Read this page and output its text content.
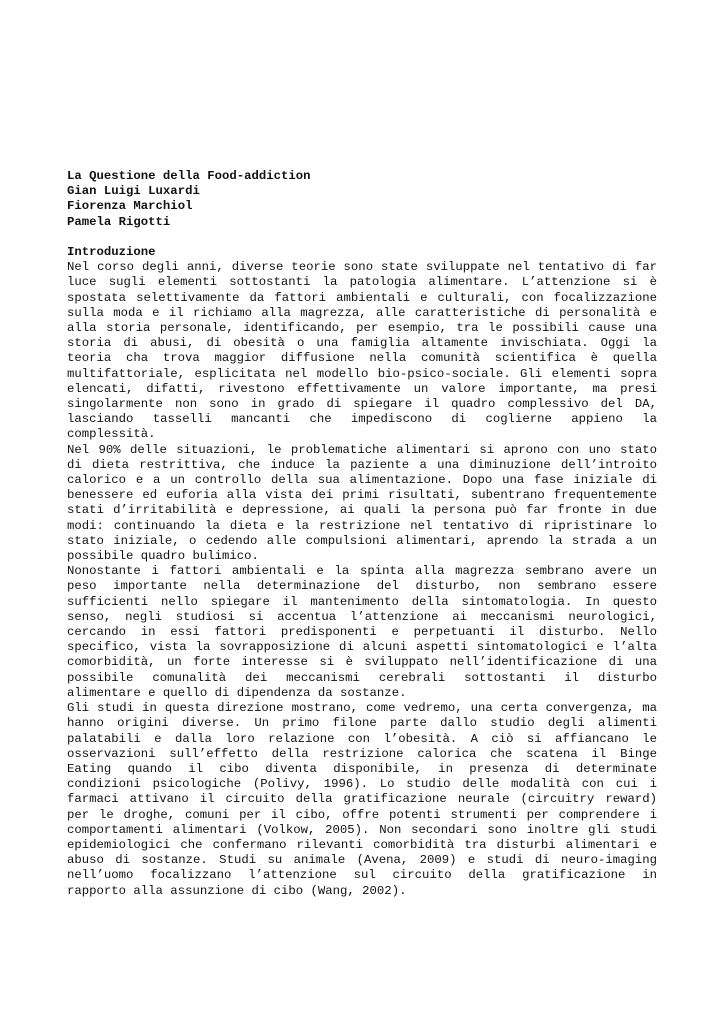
La Questione della Food-addiction

Gian Luigi Luxardi

Fiorenza Marchiol

Pamela Rigotti

Introduzione

Nel corso degli anni, diverse teorie sono state sviluppate nel tentativo di far luce sugli elementi sottostanti la patologia alimentare. L’attenzione si è spostata selettivamente da fattori ambientali e culturali, con focalizzazione sulla moda e il richiamo alla magrezza, alle caratteristiche di personalità e alla storia personale, identificando, per esempio, tra le possibili cause una storia di abusi, di obesità o una famiglia altamente invischiata. Oggi la teoria cha trova maggior diffusione nella comunità scientifica è quella multifattoriale, esplicitata nel modello bio-psico-sociale. Gli elementi sopra elencati, difatti, rivestono effettivamente un valore importante, ma presi singolarmente non sono in grado di spiegare il quadro complessivo del DA, lasciando tasselli mancanti che impediscono di coglierne appieno la complessità.

Nel 90% delle situazioni, le problematiche alimentari si aprono con uno stato di dieta restrittiva, che induce la paziente a una diminuzione dell’introito calorico e a un controllo della sua alimentazione. Dopo una fase iniziale di benessere ed euforia alla vista dei primi risultati, subentrano frequentemente stati d’irritabilità e depressione, ai quali la persona può far fronte in due modi: continuando la dieta e la restrizione nel tentativo di ripristinare lo stato iniziale, o cedendo alle compulsioni alimentari, aprendo la strada a un possibile quadro bulimico.

Nonostante i fattori ambientali e la spinta alla magrezza sembrano avere un peso importante nella determinazione del disturbo, non sembrano essere sufficienti nello spiegare il mantenimento della sintomatologia. In questo senso, negli studiosi si accentua l’attenzione ai meccanismi neurologici, cercando in essi fattori predisponenti e perpetuanti il disturbo. Nello specifico, vista la sovrapposizione di alcuni aspetti sintomatologici e l’alta comorbidità, un forte interesse si è sviluppato nell’identificazione di una possibile comunalità dei meccanismi cerebrali sottostanti il disturbo alimentare e quello di dipendenza da sostanze.

Gli studi in questa direzione mostrano, come vedremo, una certa convergenza, ma hanno origini diverse. Un primo filone parte dallo studio degli alimenti palatabili e dalla loro relazione con l’obesità. A ciò si affiancano le osservazioni sull’effetto della restrizione calorica che scatena il Binge Eating quando il cibo diventa disponibile, in presenza di determinate condizioni psicologiche (Polivy, 1996). Lo studio delle modalità con cui i farmaci attivano il circuito della gratificazione neurale (circuitry reward) per le droghe, comuni per il cibo, offre potenti strumenti per comprendere i comportamenti alimentari (Volkow, 2005). Non secondari sono inoltre gli studi epidemiologici che confermano rilevanti comorbidità tra disturbi alimentari e abuso di sostanze. Studi su animale (Avena, 2009) e studi di neuro-imaging nell’uomo focalizzano l’attenzione sul circuito della gratificazione in rapporto alla assunzione di cibo (Wang, 2002).
